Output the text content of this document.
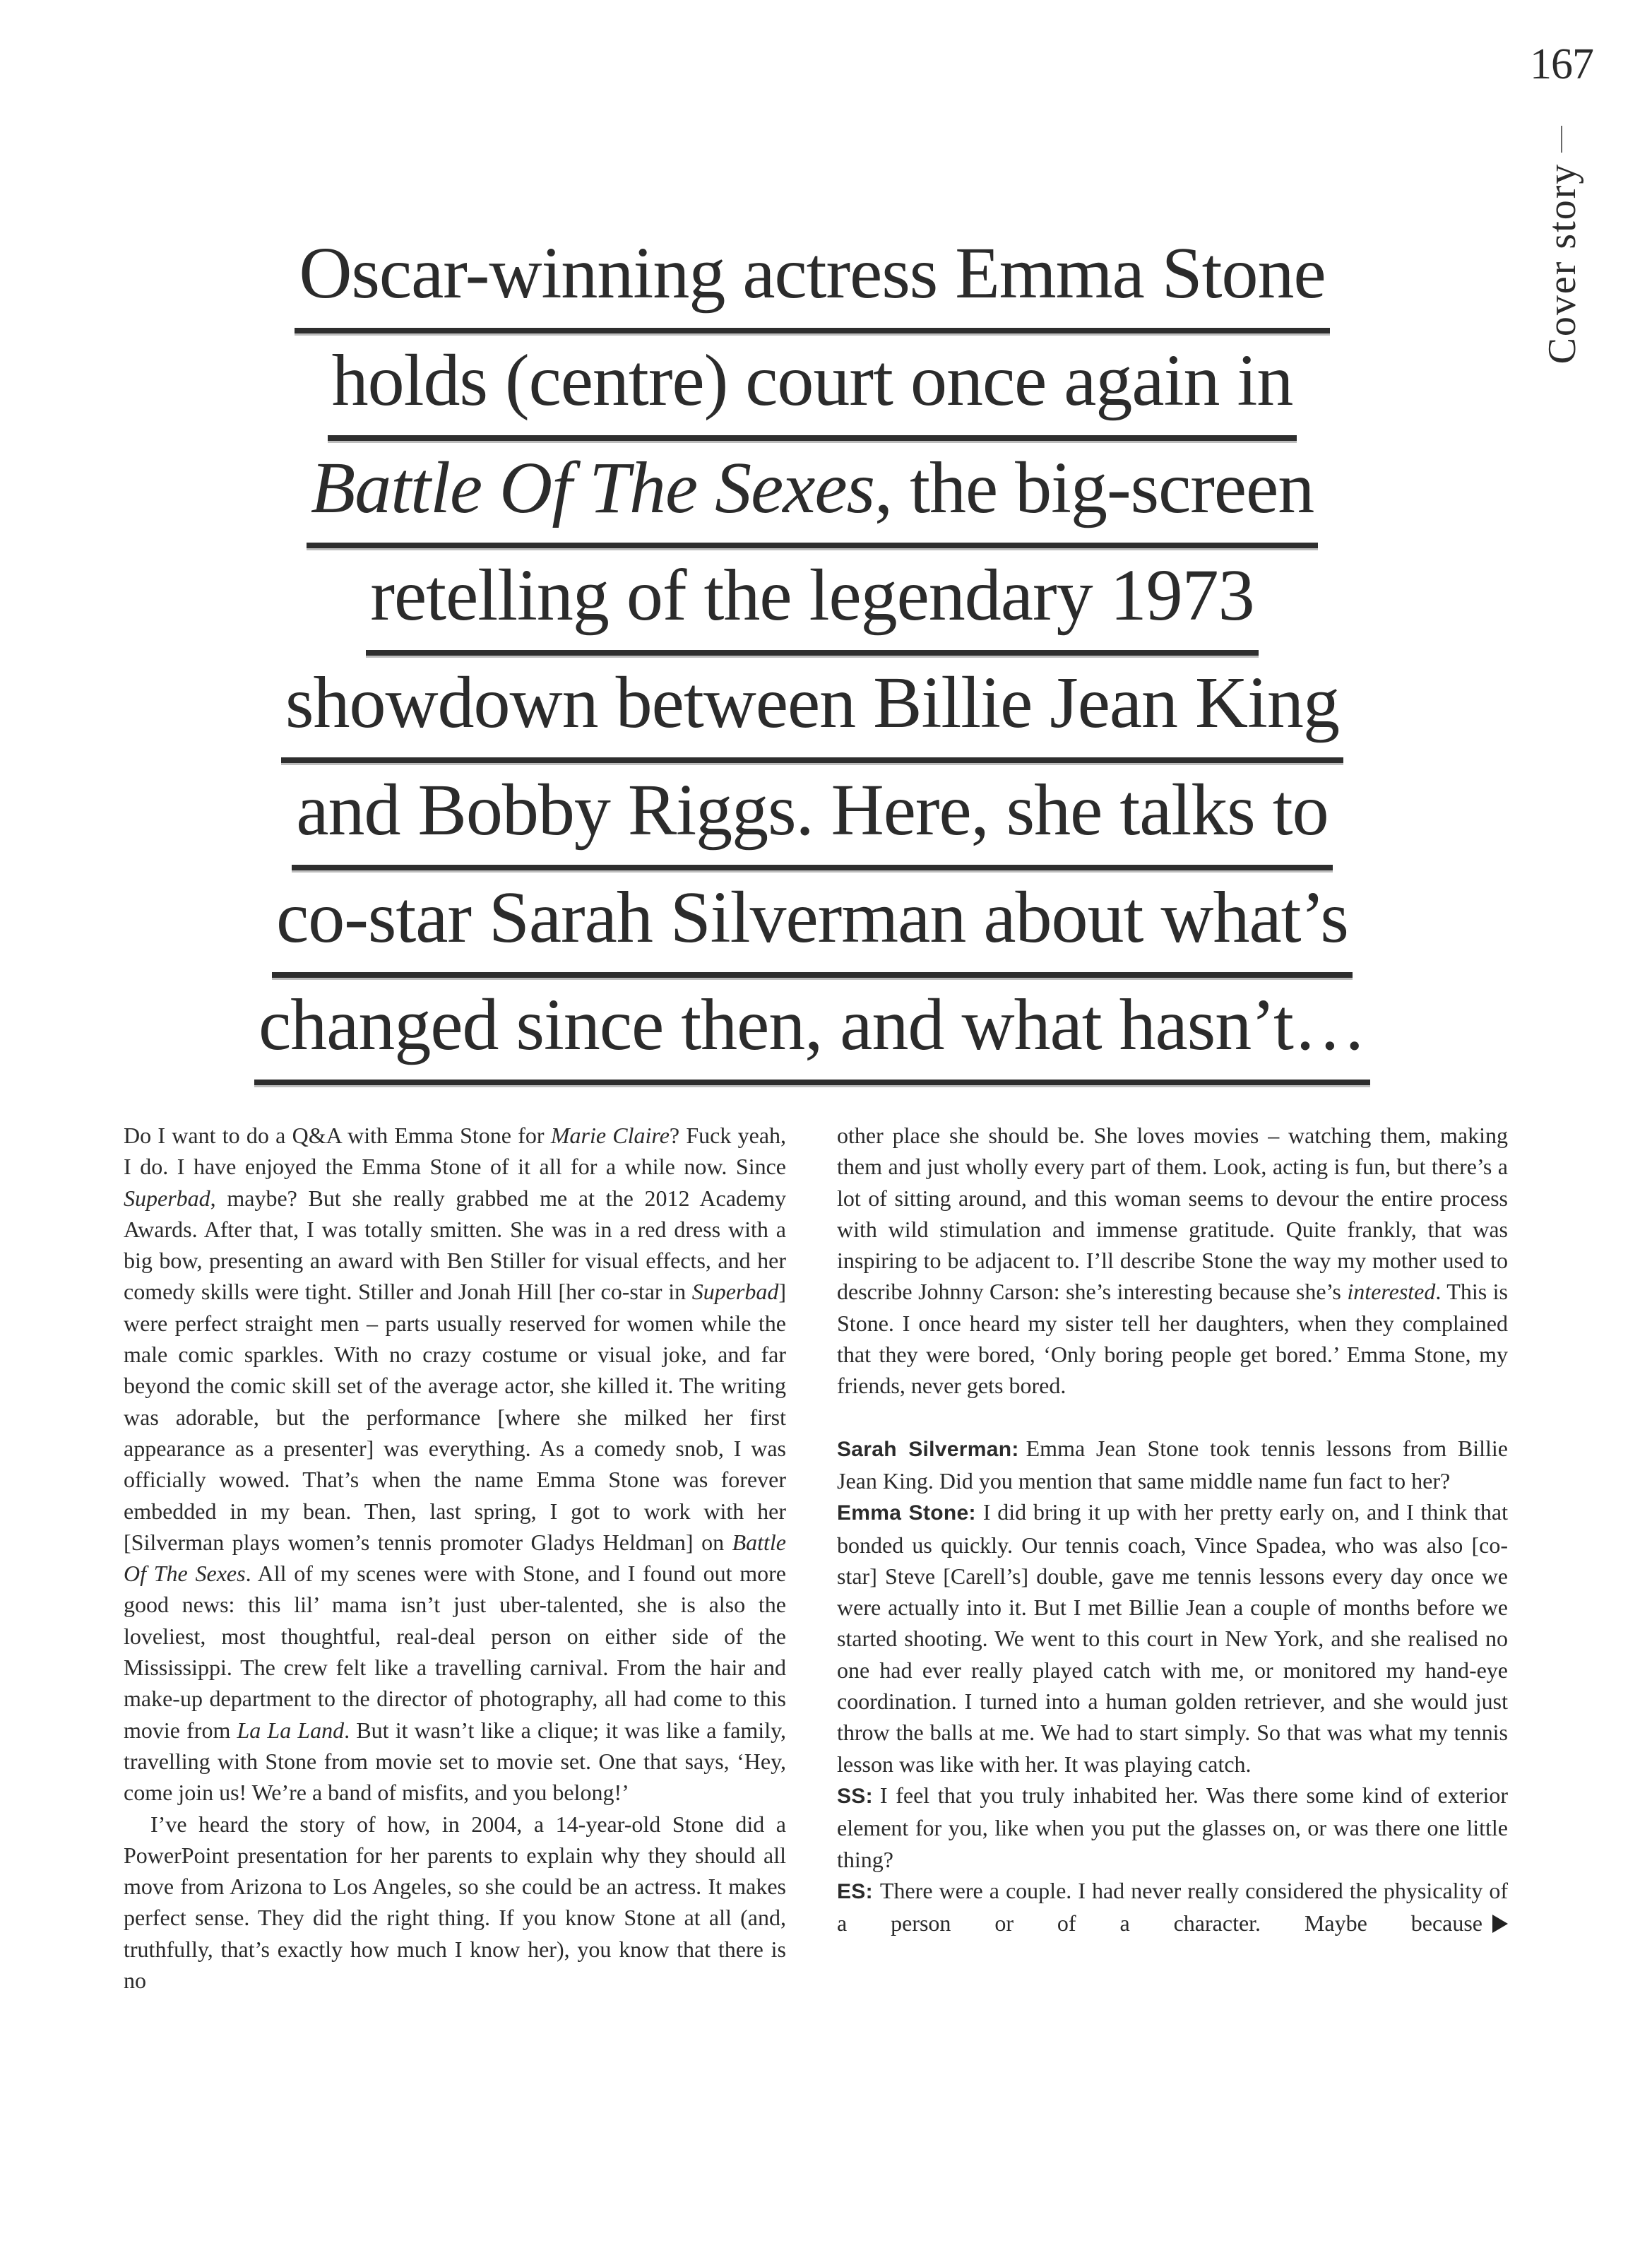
167
Cover story
Oscar-winning actress Emma Stone
holds (centre) court once again in
Battle Of The Sexes, the big-screen
retelling of the legendary 1973
showdown between Billie Jean King
and Bobby Riggs. Here, she talks to
co-star Sarah Silverman about what’s
changed since then, and what hasn’t…

Do I want to do a Q&A with Emma Stone for Marie Claire? Fuck yeah, I do. I have enjoyed the Emma Stone of it all for a while now. Since Superbad, maybe? But she really grabbed me at the 2012 Academy Awards. After that, I was totally smitten. She was in a red dress with a big bow, presenting an award with Ben Stiller for visual effects, and her comedy skills were tight. Stiller and Jonah Hill [her co-star in Superbad] were perfect straight men – parts usually reserved for women while the male comic sparkles. With no crazy costume or visual joke, and far beyond the comic skill set of the average actor, she killed it. The writing was adorable, but the performance [where she milked her first appearance as a presenter] was everything. As a comedy snob, I was officially wowed. That’s when the name Emma Stone was forever embedded in my bean. Then, last spring, I got to work with her [Silverman plays women’s tennis promoter Gladys Heldman] on Battle Of The Sexes. All of my scenes were with Stone, and I found out more good news: this lil’ mama isn’t just uber-talented, she is also the loveliest, most thoughtful, real-deal person on either side of the Mississippi. The crew felt like a travelling carnival. From the hair and make-up department to the director of photography, all had come to this movie from La La Land. But it wasn’t like a clique; it was like a family, travelling with Stone from movie set to movie set. One that says, ‘Hey, come join us! We’re a band of misfits, and you belong!’

I’ve heard the story of how, in 2004, a 14-year-old Stone did a PowerPoint presentation for her parents to explain why they should all move from Arizona to Los Angeles, so she could be an actress. It makes perfect sense. They did the right thing. If you know Stone at all (and, truthfully, that’s exactly how much I know her), you know that there is no

other place she should be. She loves movies – watching them, making them and just wholly every part of them. Look, acting is fun, but there’s a lot of sitting around, and this woman seems to devour the entire process with wild stimulation and immense gratitude. Quite frankly, that was inspiring to be adjacent to. I’ll describe Stone the way my mother used to describe Johnny Carson: she’s interesting because she’s interested. This is Stone. I once heard my sister tell her daughters, when they complained that they were bored, ‘Only boring people get bored.’ Emma Stone, my friends, never gets bored.

Sarah Silverman: Emma Jean Stone took tennis lessons from Billie Jean King. Did you mention that same middle name fun fact to her?

Emma Stone: I did bring it up with her pretty early on, and I think that bonded us quickly. Our tennis coach, Vince Spadea, who was also [co-star] Steve [Carell’s] double, gave me tennis lessons every day once we were actually into it. But I met Billie Jean a couple of months before we started shooting. We went to this court in New York, and she realised no one had ever really played catch with me, or monitored my hand-eye coordination. I turned into a human golden retriever, and she would just throw the balls at me. We had to start simply. So that was what my tennis lesson was like with her. It was playing catch.

SS: I feel that you truly inhabited her. Was there some kind of exterior element for you, like when you put the glasses on, or was there one little thing?

ES: There were a couple. I had never really considered the physicality of a person or of a character. Maybe because
